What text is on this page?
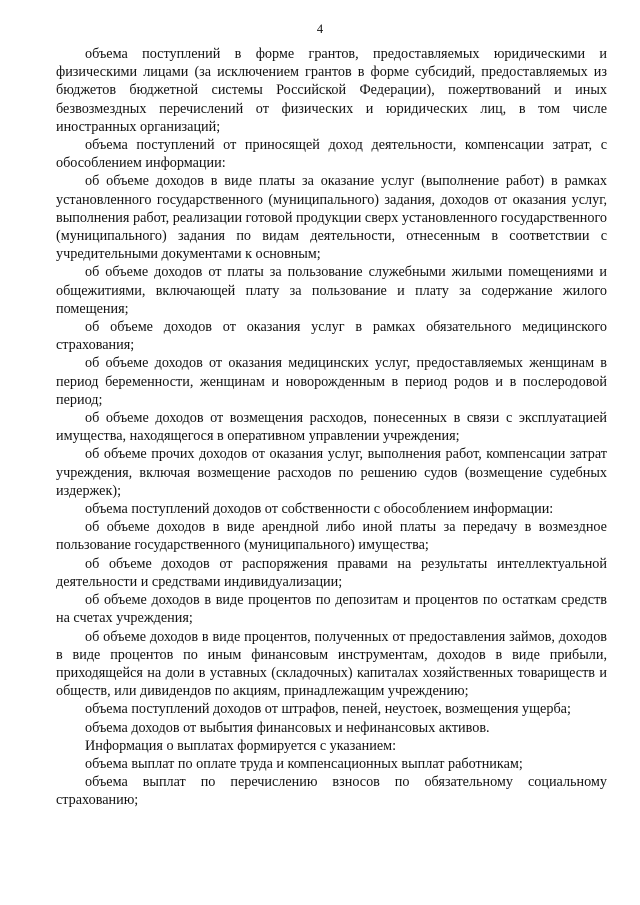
4

объема поступлений в форме грантов, предоставляемых юридическими и физическими лицами (за исключением грантов в форме субсидий, предоставляемых из бюджетов бюджетной системы Российской Федерации), пожертвований и иных безвозмездных перечислений от физических и юридических лиц, в том числе иностранных организаций;

объема поступлений от приносящей доход деятельности, компенсации затрат, с обособлением информации:

об объеме доходов в виде платы за оказание услуг (выполнение работ) в рамках установленного государственного (муниципального) задания, доходов от оказания услуг, выполнения работ, реализации готовой продукции сверх установленного государственного (муниципального) задания по видам деятельности, отнесенным в соответствии с учредительными документами к основным;

об объеме доходов от платы за пользование служебными жилыми помещениями и общежитиями, включающей плату за пользование и плату за содержание жилого помещения;

об объеме доходов от оказания услуг в рамках обязательного медицинского страхования;

об объеме доходов от оказания медицинских услуг, предоставляемых женщинам в период беременности, женщинам и новорожденным в период родов и в послеродовой период;

об объеме доходов от возмещения расходов, понесенных в связи с эксплуатацией имущества, находящегося в оперативном управлении учреждения;

об объеме прочих доходов от оказания услуг, выполнения работ, компенсации затрат учреждения, включая возмещение расходов по решению судов (возмещение судебных издержек);

объема поступлений доходов от собственности с обособлением информации:

об объеме доходов в виде арендной либо иной платы за передачу в возмездное пользование государственного (муниципального) имущества;

об объеме доходов от распоряжения правами на результаты интеллектуальной деятельности и средствами индивидуализации;

об объеме доходов в виде процентов по депозитам и процентов по остаткам средств на счетах учреждения;

об объеме доходов в виде процентов, полученных от предоставления займов, доходов в виде процентов по иным финансовым инструментам, доходов в виде прибыли, приходящейся на доли в уставных (складочных) капиталах хозяйственных товариществ и обществ, или дивидендов по акциям, принадлежащим учреждению;

объема поступлений доходов от штрафов, пеней, неустоек, возмещения ущерба;

объема доходов от выбытия финансовых и нефинансовых активов.

Информация о выплатах формируется с указанием:

объема выплат по оплате труда и компенсационных выплат работникам;

объема выплат по перечислению взносов по обязательному социальному страхованию;
